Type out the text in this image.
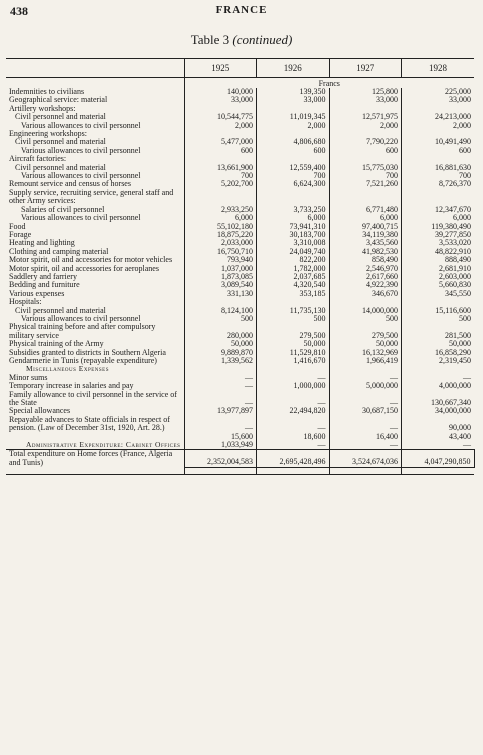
438	FRANCE
Table 3 (continued)
	1925	1926	1927	1928
	Francs			
Indemnities to civilians	140,000	139,350	125,800	225,000
Geographical service: material	33,000	33,000	33,000	33,000
Artillery workshops:				
Civil personnel and material	10,544,775	11,019,345	12,571,975	24,213,000
Various allowances to civil personnel	2,000	2,000	2,000	2,000
Engineering workshops:				
Civil personnel and material	5,477,000	4,806,680	7,790,220	10,491,490
Various allowances to civil personnel	600	600	600	600
Aircraft factories:				
Civil personnel and material	13,661,900	12,559,400	15,775,030	16,881,630
Various allowances to civil personnel	700	700	700	700
Remount service and census of horses	5,202,700	6,624,300	7,521,260	8,726,370
Supply service, recruiting service, general staff and other Army services:				
Salaries of civil personnel	2,933,250	3,733,250	6,771,480	12,347,670
Various allowances to civil personnel	6,000	6,000	6,000	6,000
Food	55,102,180	73,941,310	97,400,715	119,380,490
Forage	18,875,220	30,183,700	34,119,380	39,277,850
Heating and lighting	2,033,000	3,310,008	3,435,560	3,533,020
Clothing and camping material	16,750,710	24,049,740	41,982,530	48,822,910
Motor spirit, oil and accessories for motor vehicles	793,940	822,200	858,490	888,490
Motor spirit, oil and accessories for aeroplanes	1,037,000	1,782,000	2,546,970	2,681,910
Saddlery and farriery	1,873,085	2,037,685	2,617,660	2,603,000
Bedding and furniture	3,089,540	4,320,540	4,922,390	5,660,830
Various expenses	331,130	353,185	346,670	345,550
Hospitals:				
Civil personnel and material	8,124,100	11,735,130	14,000,000	15,116,600
Various allowances to civil personnel	500	500	500	500
Physical training before and after compulsory military service	280,000	279,500	279,500	281,500
Physical training of the Army	50,000	50,000	50,000	50,000
Subsidies granted to districts in Southern Algeria	9,889,870	11,529,810	16,132,969	16,858,290
Gendarmerie in Tunis (repayable expenditure)	1,339,562	1,416,670	1,966,419	2,319,450
Miscellaneous Expenses				
Minor sums	—	—	—	—
Temporary increase in salaries and pay	—	1,000,000	5,000,000	4,000,000
Family allowance to civil personnel in the service of the State	—	—	—	130,667,340
Special allowances	13,977,897	22,494,820	30,687,150	34,000,000
Repayable advances to State officials in respect of pension. (Law of December 31st, 1920, Art. 28.)	—	—	—	90,000
	15,600	18,600	16,400	43,400
Administrative Expenditure: Cabinet Offices	1,033,949	—	—	—
Total expenditure on Home forces (France, Algeria and Tunis)	2,352,004,583	2,695,428,496	3,524,674,036	4,047,290,850
